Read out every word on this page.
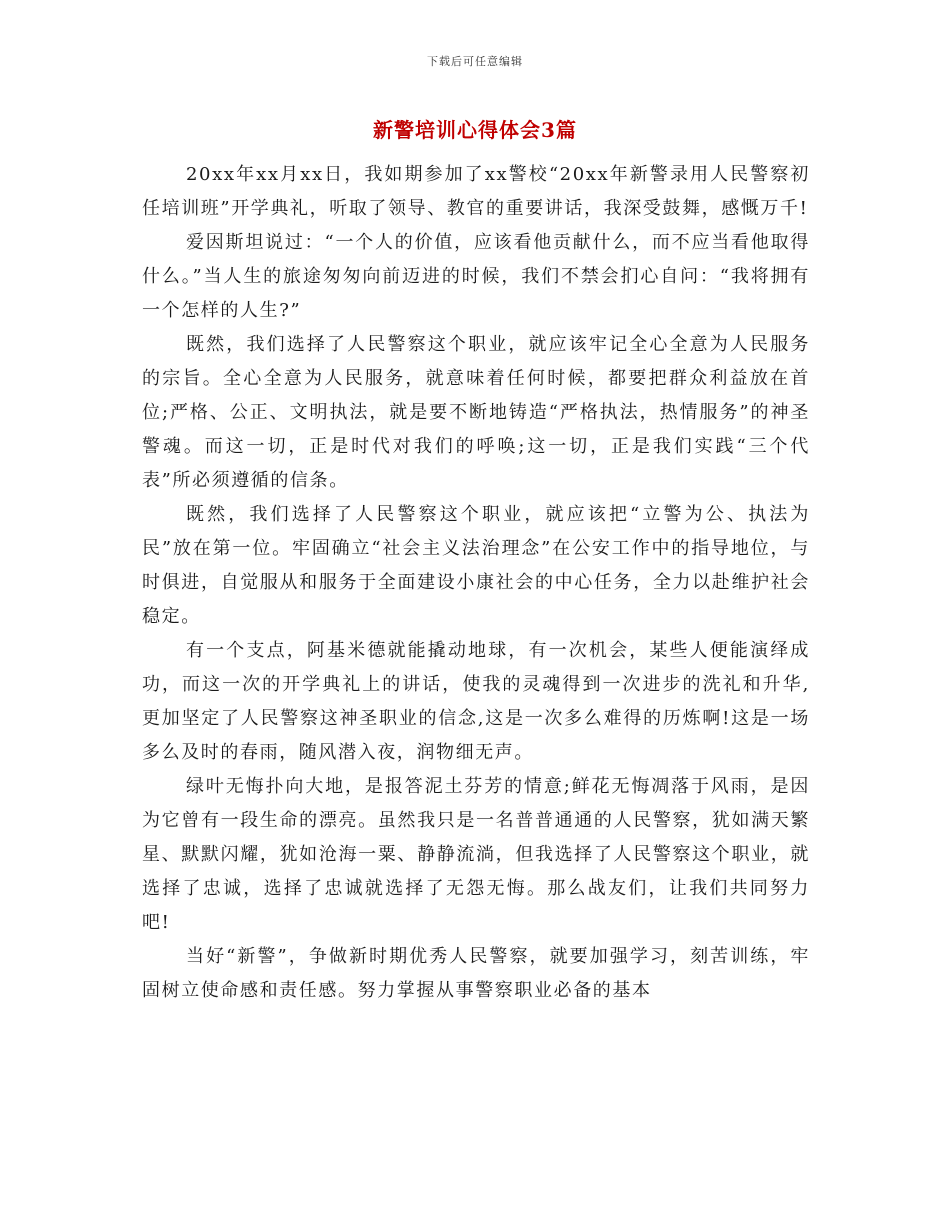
下载后可任意编辑
新警培训心得体会3篇

20xx年xx月xx日，我如期参加了xx警校“20xx年新警录用人民警察初任培训班”开学典礼，听取了领导、教官的重要讲话，我深受鼓舞，感慨万千!

爱因斯坦说过：“一个人的价值，应该看他贡献什么，而不应当看他取得什么。”当人生的旅途匆匆向前迈进的时候，我们不禁会扪心自问：“我将拥有一个怎样的人生?”

既然，我们选择了人民警察这个职业，就应该牢记全心全意为人民服务的宗旨。全心全意为人民服务，就意味着任何时候，都要把群众利益放在首位;严格、公正、文明执法，就是要不断地铸造“严格执法，热情服务”的神圣警魂。而这一切，正是时代对我们的呼唤;这一切，正是我们实践“三个代表”所必须遵循的信条。

既然，我们选择了人民警察这个职业，就应该把“立警为公、执法为民”放在第一位。牢固确立“社会主义法治理念”在公安工作中的指导地位，与时俱进，自觉服从和服务于全面建设小康社会的中心任务，全力以赴维护社会稳定。

有一个支点，阿基米德就能撬动地球，有一次机会，某些人便能演绎成功，而这一次的开学典礼上的讲话，使我的灵魂得到一次进步的洗礼和升华,更加坚定了人民警察这神圣职业的信念,这是一次多么难得的历炼啊!这是一场多么及时的春雨，随风潜入夜，润物细无声。

绿叶无悔扑向大地，是报答泥土芬芳的情意;鲜花无悔凋落于风雨，是因为它曾有一段生命的漂亮。虽然我只是一名普普通通的人民警察，犹如满天繁星、默默闪耀，犹如沧海一粟、静静流淌，但我选择了人民警察这个职业，就选择了忠诚，选择了忠诚就选择了无怨无悔。那么战友们，让我们共同努力吧!

当好“新警”，争做新时期优秀人民警察，就要加强学习，刻苦训练，牢固树立使命感和责任感。努力掌握从事警察职业必备的基本
